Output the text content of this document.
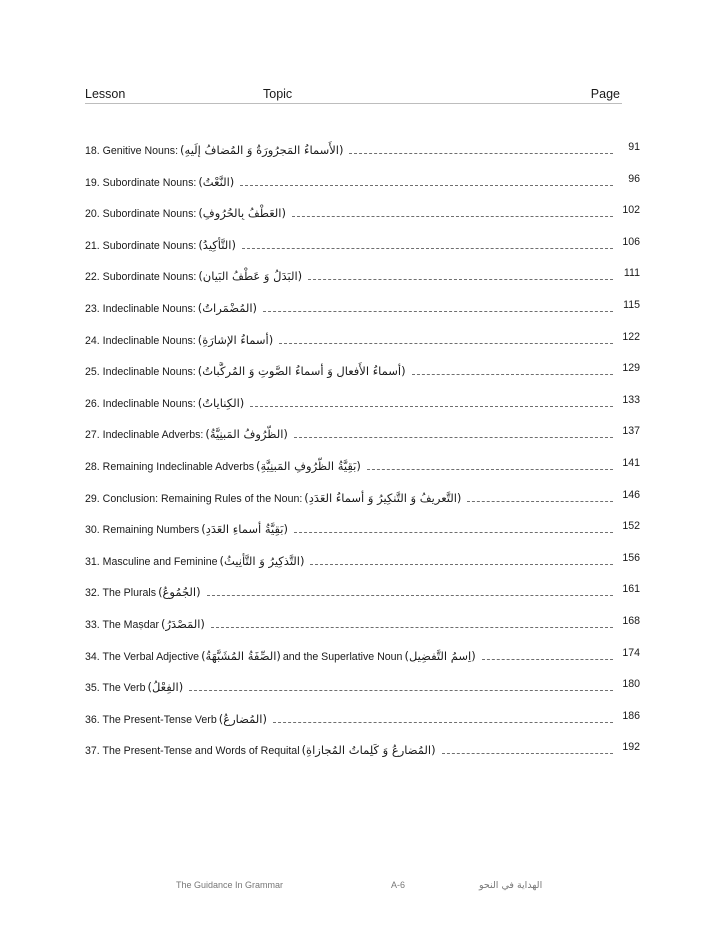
Lesson	Topic	Page
18. Genitive Nouns: (الأَسماءُ المَجرُورَةُ وَ المُضافُ إِلَيهِ)	91
19. Subordinate Nouns: (النَّعْتُ)	96
20. Subordinate Nouns: (العَطْفُ بِالحُرُوفِ)	102
21. Subordinate Nouns: (التَّأكِيدُ)	106
22. Subordinate Nouns: (البَدَلُ وَ عَطْفُ البَيانِ)	111
23. Indeclinable Nouns: (المُضْمَراتُ)	115
24. Indeclinable Nouns: (أسماءُ الإشارَةِ)	122
25. Indeclinable Nouns: (أسماءُ الأَفعالِ وَ أسماءُ الصَّوتِ وَ المُركَّباتُ)	129
26. Indeclinable Nouns: (الكِناياتُ)	133
27. Indeclinable Adverbs: (الظُّرُوفُ المَبنِيَّةُ)	137
28. Remaining Indeclinable Adverbs (بَقِيَّةُ الظُّرُوفِ المَبنِيَّةِ)	141
29. Conclusion: Remaining Rules of the Noun: (التَّعرِيفُ وَ التَّنكِيرُ وَ أسماءُ العَدَدِ)	146
30. Remaining Numbers (بَقِيَّةُ أسماءِ العَدَدِ)	152
31. Masculine and Feminine (التَّذكِيرُ وَ التَّأنِيثُ)	156
32. The Plurals (الجُمُوعُ)	161
33. The Maṣdar (المَصْدَرُ)	168
34. The Verbal Adjective (الصِّفَةُ المُشَبَّهَةُ) and the Superlative Noun (اِسمُ التَّفضِيلِ)	174
35. The Verb (الفِعْلُ)	180
36. The Present-Tense Verb (المُضارِعُ)	186
37. The Present-Tense and Words of Requital (المُضارِعُ وَ كَلِماتُ المُجازاةِ)	192
The Guidance In Grammar	A-6	الهداية في النحو
